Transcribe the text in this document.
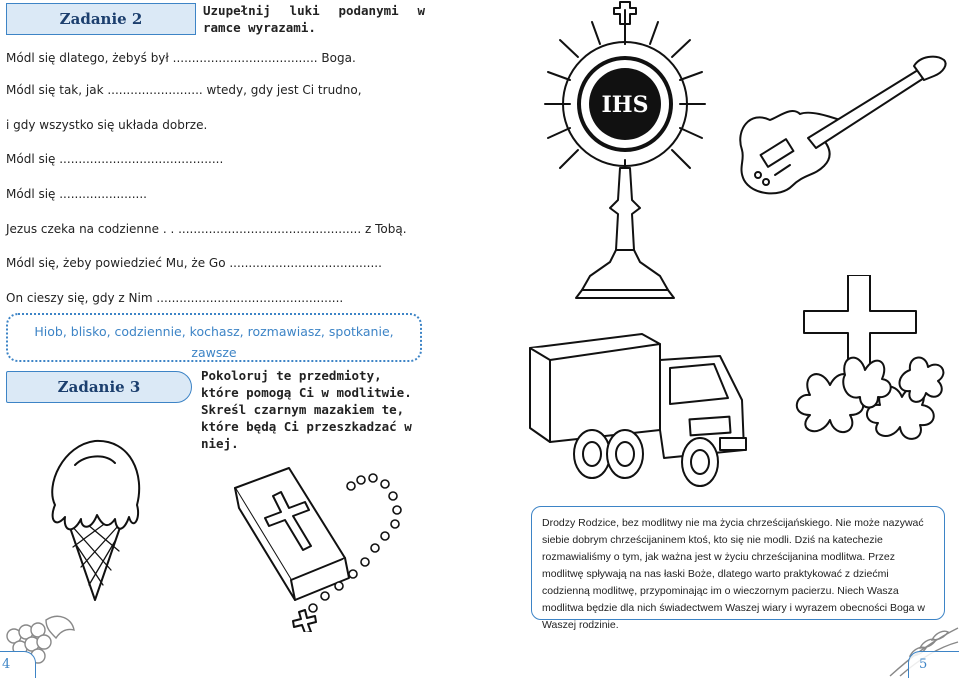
Zadanie 2	Uzupełnij luki podanymi w ramce wyrazami.
Módl się dlatego, żebyś był ...................................... Boga.
Módl się tak, jak ......................... wtedy, gdy jest Ci trudno,
i gdy wszystko się układa dobrze.
Módl się ...........................................
Módl się .......................
Jezus czeka na codzienne . . ................................................ z Tobą.
Módl się, żeby powiedzieć Mu, że Go ........................................
On cieszy się, gdy z Nim .................................................
Hiob, blisko, codziennie, kochasz, rozmawiasz, spotkanie,
zawsze
Zadanie 3
Pokoloruj te przedmioty, które pomogą Ci w modlitwie. Skreśl czarnym mazakiem te, które będą Ci przeszkadzać w niej.
IHS
Drodzy Rodzice, bez modlitwy nie ma życia chrześcijańskiego. Nie może nazywać siebie dobrym chrześcijaninem ktoś, kto się nie modli. Dziś na katechezie rozmawialiśmy o tym, jak ważna jest w życiu chrześcijanina modlitwa. Przez modlitwę spływają na nas łaski Boże, dlatego warto praktykować z dziećmi codzienną modlitwę, przypominając im o wieczornym pacierzu. Niech Wasza modlitwa będzie dla nich świadectwem Waszej wiary i wyrazem obecności Boga w Waszej rodzinie.
4	5
